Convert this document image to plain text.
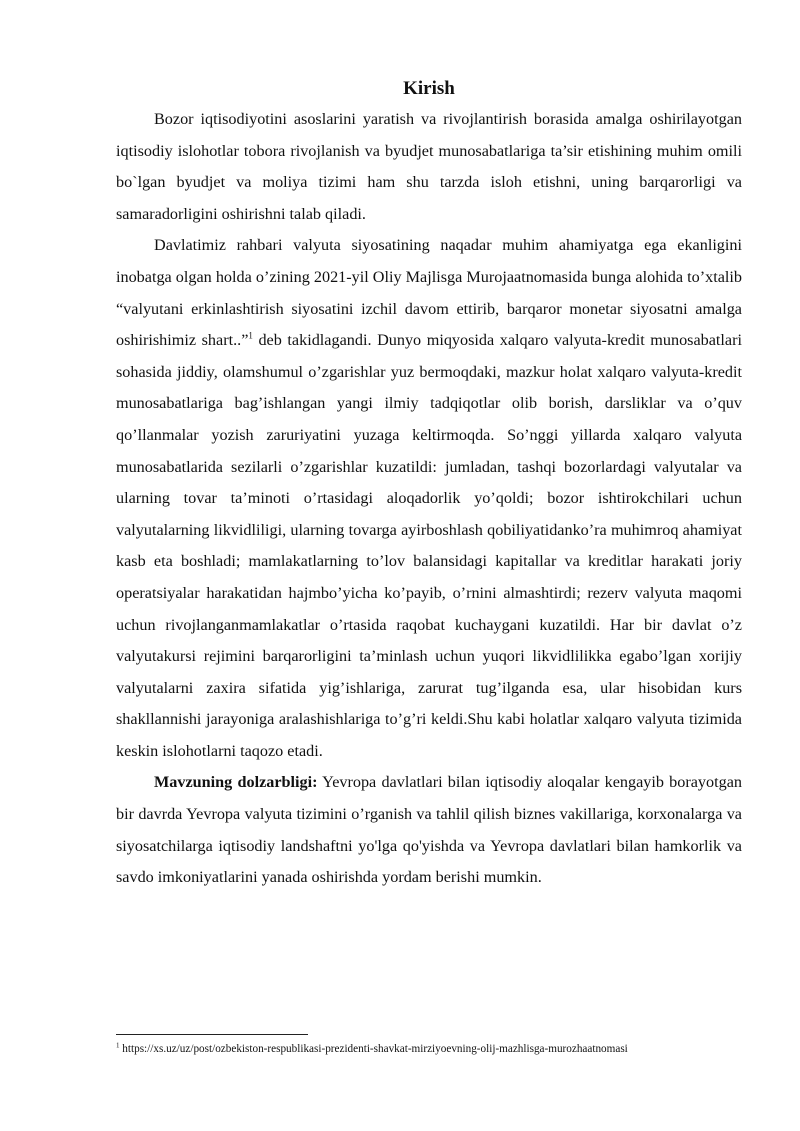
Kirish

Bozor iqtisodiyotini asoslarini yaratish va rivojlantirish borasida amalga oshirilayotgan iqtisodiy islohotlar tobora rivojlanish va byudjet munosabatlariga ta’sir etishining muhim omili bo`lgan byudjet va moliya tizimi ham shu tarzda isloh etishni, uning barqarorligi va samaradorligini oshirishni talab qiladi.

Davlatimiz rahbari valyuta siyosatining naqadar muhim ahamiyatga ega ekanligini inobatga olgan holda o’zining 2021-yil Oliy Majlisga Murojaatnomasida bunga alohida to’xtalib “valyutani erkinlashtirish siyosatini izchil davom ettirib, barqaror monetar siyosatni amalga oshirishimiz shart..”$^1$ deb takidlagandi. Dunyo miqyosida xalqaro valyuta-kredit munosabatlari sohasida jiddiy, olamshumul o’zgarishlar yuz bermoqdaki, mazkur holat xalqaro valyuta-kredit munosabatlariga bag’ishlangan yangi ilmiy tadqiqotlar olib borish, darsliklar va o’quv qo’llanmalar yozish zaruriyatini yuzaga keltirmoqda. So’nggi yillarda xalqaro valyuta munosabatlarida sezilarli o’zgarishlar kuzatildi: jumladan, tashqi bozorlardagi valyutalar va ularning tovar ta’minoti o’rtasidagi aloqadorlik yo’qoldi; bozor ishtirokchilari uchun valyutalarning likvidliligi, ularning tovarga ayirboshlash qobiliyatidanko’ra muhimroq ahamiyat kasb eta boshladi; mamlakatlarning to’lov balansidagi kapitallar va kreditlar harakati joriy operatsiyalar harakatidan hajmbo’yicha ko’payib, o’rnini almashtirdi; rezerv valyuta maqomi uchun rivojlanganmamlakatlar o’rtasida raqobat kuchaygani kuzatildi. Har bir davlat o’z valyutakursi rejimini barqarorligini ta’minlash uchun yuqori likvidlilikka egabo’lgan xorijiy valyutalarni zaxira sifatida yig’ishlariga, zarurat tug’ilganda esa, ular hisobidan kurs shakllannishi jarayoniga aralashishlariga to’g’ri keldi.Shu kabi holatlar xalqaro valyuta tizimida keskin islohotlarni taqozo etadi.

Mavzuning dolzarbligi: Yevropa davlatlari bilan iqtisodiy aloqalar kengayib borayotgan bir davrda Yevropa valyuta tizimini o’rganish va tahlil qilish biznes vakillariga, korxonalarga va siyosatchilarga iqtisodiy landshaftni yo'lga qo'yishda va Yevropa davlatlari bilan hamkorlik va savdo imkoniyatlarini yanada oshirishda yordam berishi mumkin.

$^1$ https://xs.uz/uz/post/ozbekiston-respublikasi-prezidenti-shavkat-mirziyoevning-olij-mazhlisga-murozhaatnomasi
